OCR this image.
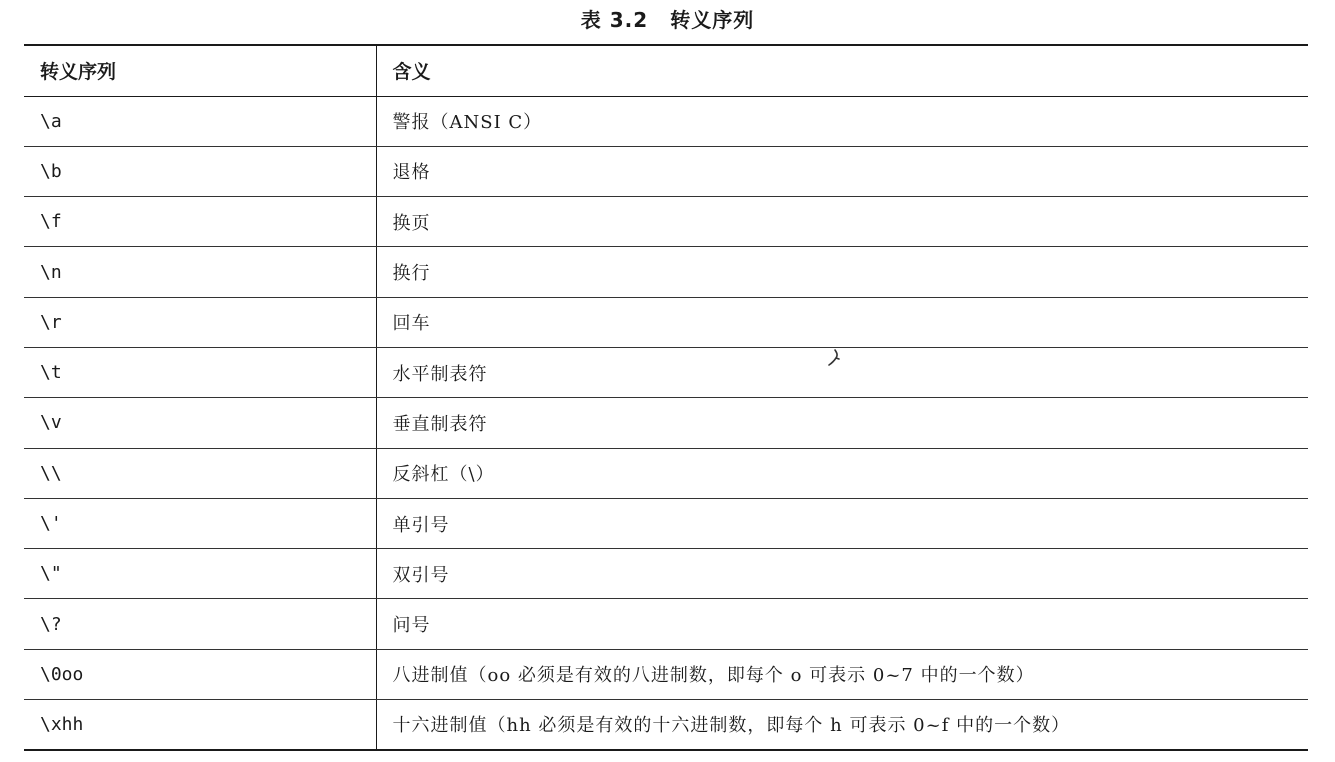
表 3.2 转义序列
转义序列	含义
\a	警报（ANSI C）
\b	退格
\f	换页
\n	换行
\r	回车
\t	水平制表符
\v	垂直制表符
\\	反斜杠（\）
\'	单引号
\"	双引号
\?	问号
\0oo	八进制值（oo 必须是有效的八进制数，即每个 o 可表示 0~7 中的一个数）
\xhh	十六进制值（hh 必须是有效的十六进制数，即每个 h 可表示 0~f 中的一个数）
